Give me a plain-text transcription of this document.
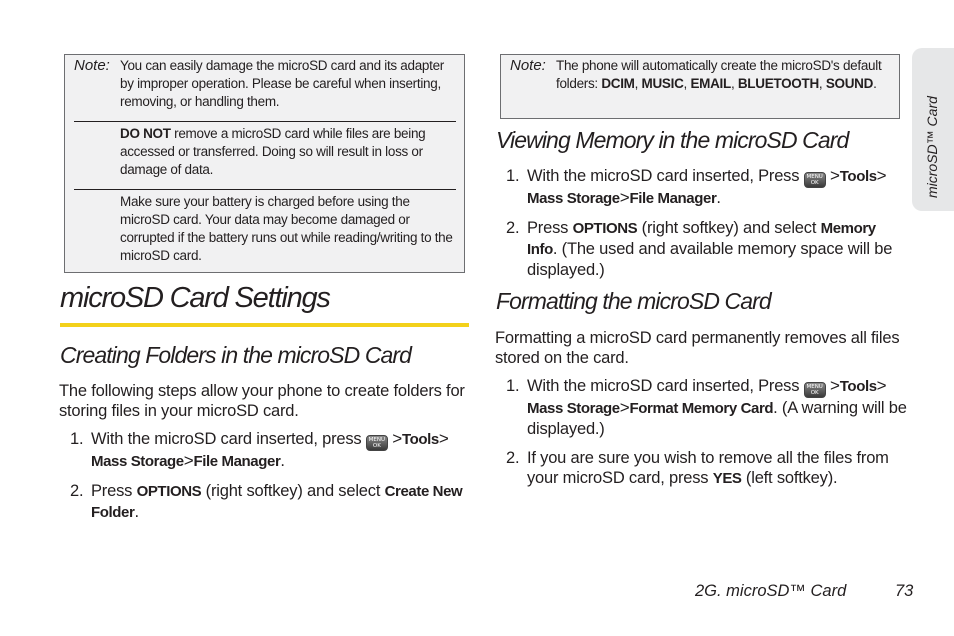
microSD™ Card
Note: You can easily damage the microSD card and its adapter by improper operation. Please be careful when inserting, removing, or handling them.
DO NOT remove a microSD card while files are being accessed or transferred. Doing so will result in loss or damage of data.
Make sure your battery is charged before using the microSD card. Your data may become damaged or corrupted if the battery runs out while reading/writing to the microSD card.
microSD Card Settings
Creating Folders in the microSD Card
The following steps allow your phone to create folders for storing files in your microSD card.
1. With the microSD card inserted, press MENU
OK >Tools> Mass Storage>File Manager.
2. Press OPTIONS (right softkey) and select Create New Folder.
Note: The phone will automatically create the microSD's default folders: DCIM, MUSIC, EMAIL, BLUETOOTH, SOUND.
Viewing Memory in the microSD Card
1. With the microSD card inserted, Press MENU
OK >Tools> Mass Storage>File Manager.
2. Press OPTIONS (right softkey) and select Memory Info. (The used and available memory space will be displayed.)
Formatting the microSD Card
Formatting a microSD card permanently removes all files stored on the card.
1. With the microSD card inserted, Press MENU
OK >Tools> Mass Storage>Format Memory Card. (A warning will be displayed.)
2. If you are sure you wish to remove all the files from your microSD card, press YES (left softkey).
2G. microSD™ Card	73
